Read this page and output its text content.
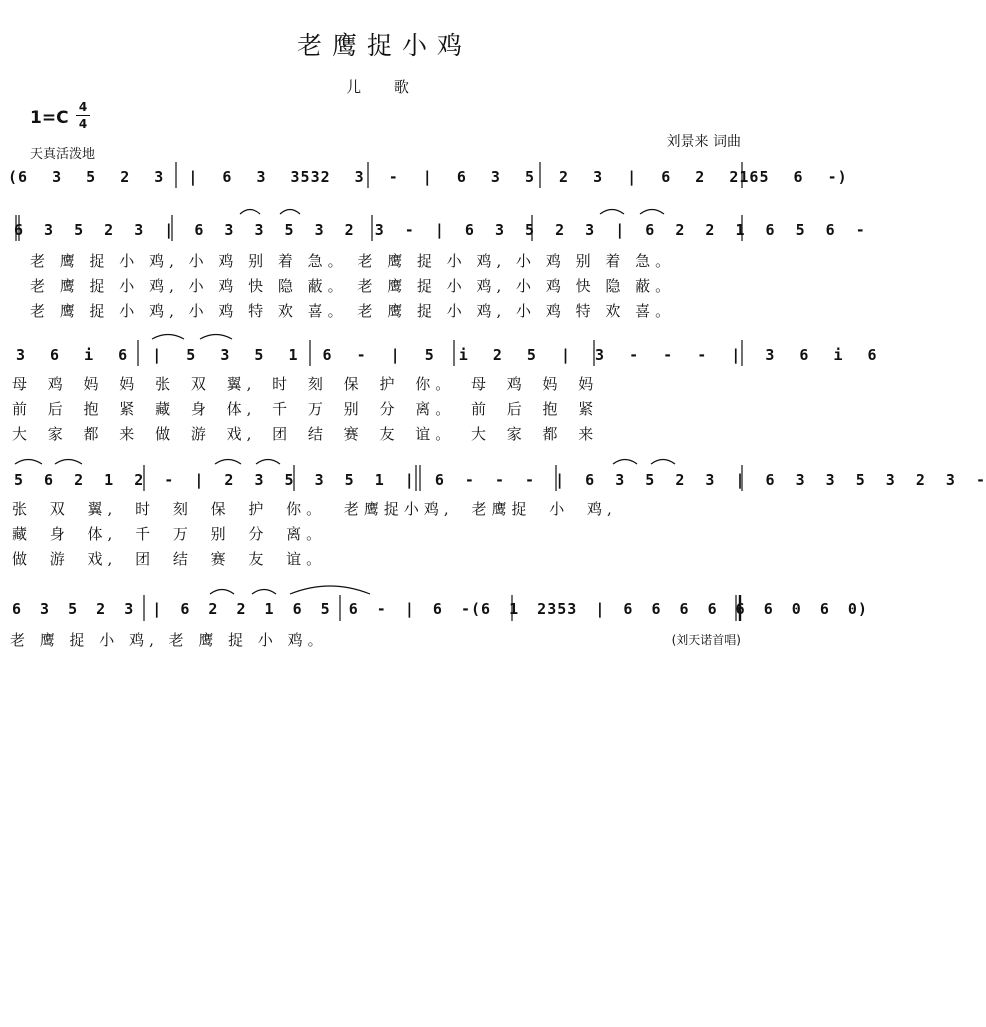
老鹰捉小鸡
儿 歌
1=C
4
4
天真活泼地
刘景来 词曲
(6 3 5 2 3 | 6 3 3532 3 - | 6 3 5 2 3 | 6 2 2165 6 -)
6 3 5 2 3 | 6 3 3 5 3 2 3 - | 6 3 5 2 3 | 6 2 2 1 6 5 6 -
老 鹰 捉 小 鸡, 小 鸡 别 着 急。 老 鹰 捉 小 鸡, 小 鸡 别 着 急。
老 鹰 捉 小 鸡, 小 鸡 快 隐 蔽。 老 鹰 捉 小 鸡, 小 鸡 快 隐 蔽。
老 鹰 捉 小 鸡, 小 鸡 特 欢 喜。 老 鹰 捉 小 鸡, 小 鸡 特 欢 喜。
3 6 i 6 | 5 3 5 1 6 - | 5 i 2 5 | 3 - - - | 3 6 i 6
母 鸡 妈 妈 张 双 翼, 时 刻 保 护 你。 母 鸡 妈 妈
前 后 抱 紧 藏 身 体, 千 万 别 分 离。 前 后 抱 紧
大 家 都 来 做 游 戏, 团 结 赛 友 谊。 大 家 都 来
5 6 2 1 2 - | 2 3 5 3 5 1 | 6 - - - | 6 3 5 2 3 | 6 3 3 5 3 2 3 -
张 双 翼, 时 刻 保 护 你。 老鹰捉小鸡, 老鹰捉 小 鸡,
藏 身 体, 千 万 别 分 离。
做 游 戏, 团 结 赛 友 谊。
6 3 5 2 3 | 6 2 2 1 6 5 6 - | 6 -(6 1 2353 | 6 6 6 6 6 6 0 6 0)
老 鹰 捉 小 鸡, 老 鹰 捉 小 鸡。	(刘天诺首唱)
